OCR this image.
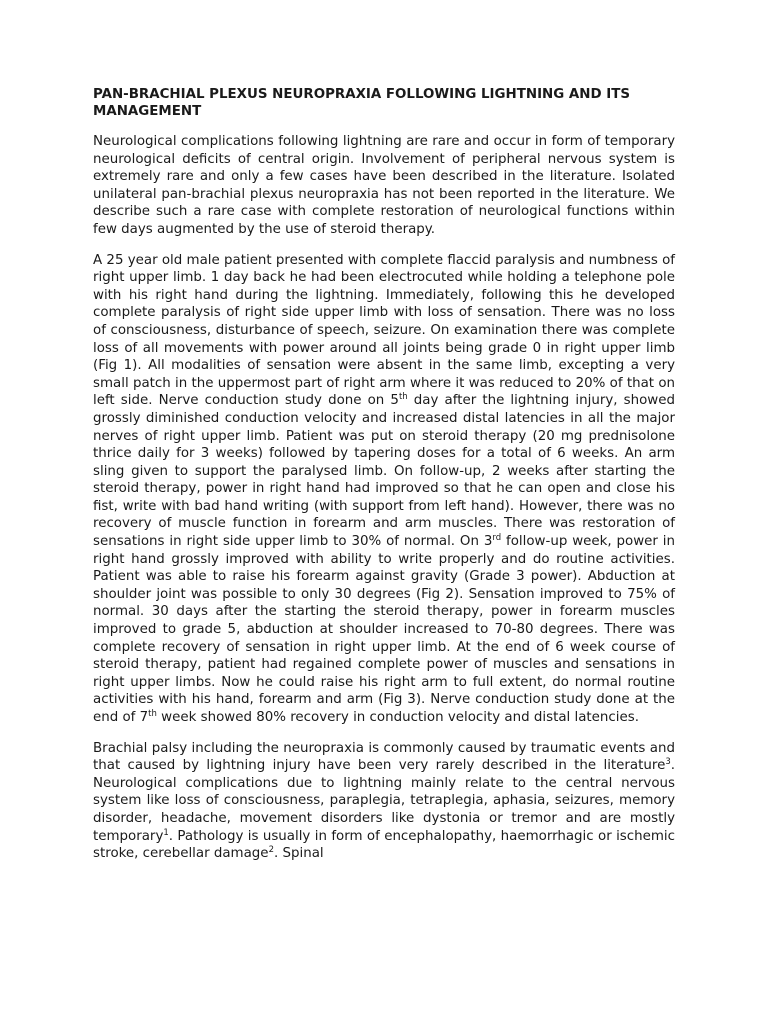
PAN-BRACHIAL PLEXUS NEUROPRAXIA FOLLOWING LIGHTNING AND ITS MANAGEMENT

Neurological complications following lightning are rare and occur in form of temporary neurological deficits of central origin. Involvement of peripheral nervous system is extremely rare and only a few cases have been described in the literature. Isolated unilateral pan-brachial plexus neuropraxia has not been reported in the literature. We describe such a rare case with complete restoration of neurological functions within few days augmented by the use of steroid therapy.

A 25 year old male patient presented with complete flaccid paralysis and numbness of right upper limb. 1 day back he had been electrocuted while holding a telephone pole with his right hand during the lightning. Immediately, following this he developed complete paralysis of right side upper limb with loss of sensation. There was no loss of consciousness, disturbance of speech, seizure. On examination there was complete loss of all movements with power around all joints being grade 0 in right upper limb (Fig 1). All modalities of sensation were absent in the same limb, excepting a very small patch in the uppermost part of right arm where it was reduced to 20% of that on left side. Nerve conduction study done on 5th day after the lightning injury, showed grossly diminished conduction velocity and increased distal latencies in all the major nerves of right upper limb. Patient was put on steroid therapy (20 mg prednisolone thrice daily for 3 weeks) followed by tapering doses for a total of 6 weeks. An arm sling given to support the paralysed limb. On follow-up, 2 weeks after starting the steroid therapy, power in right hand had improved so that he can open and close his fist, write with bad hand writing (with support from left hand). However, there was no recovery of muscle function in forearm and arm muscles. There was restoration of sensations in right side upper limb to 30% of normal. On 3rd follow-up week, power in right hand grossly improved with ability to write properly and do routine activities. Patient was able to raise his forearm against gravity (Grade 3 power). Abduction at shoulder joint was possible to only 30 degrees (Fig 2). Sensation improved to 75% of normal. 30 days after the starting the steroid therapy, power in forearm muscles improved to grade 5, abduction at shoulder increased to 70-80 degrees. There was complete recovery of sensation in right upper limb. At the end of 6 week course of steroid therapy, patient had regained complete power of muscles and sensations in right upper limbs. Now he could raise his right arm to full extent, do normal routine activities with his hand, forearm and arm (Fig 3). Nerve conduction study done at the end of 7th week showed 80% recovery in conduction velocity and distal latencies.

Brachial palsy including the neuropraxia is commonly caused by traumatic events and that caused by lightning injury have been very rarely described in the literature$^3$. Neurological complications due to lightning mainly relate to the central nervous system like loss of consciousness, paraplegia, tetraplegia, aphasia, seizures, memory disorder, headache, movement disorders like dystonia or tremor and are mostly temporary$^1$. Pathology is usually in form of encephalopathy, haemorrhagic or ischemic stroke, cerebellar damage$^2$. Spinal
